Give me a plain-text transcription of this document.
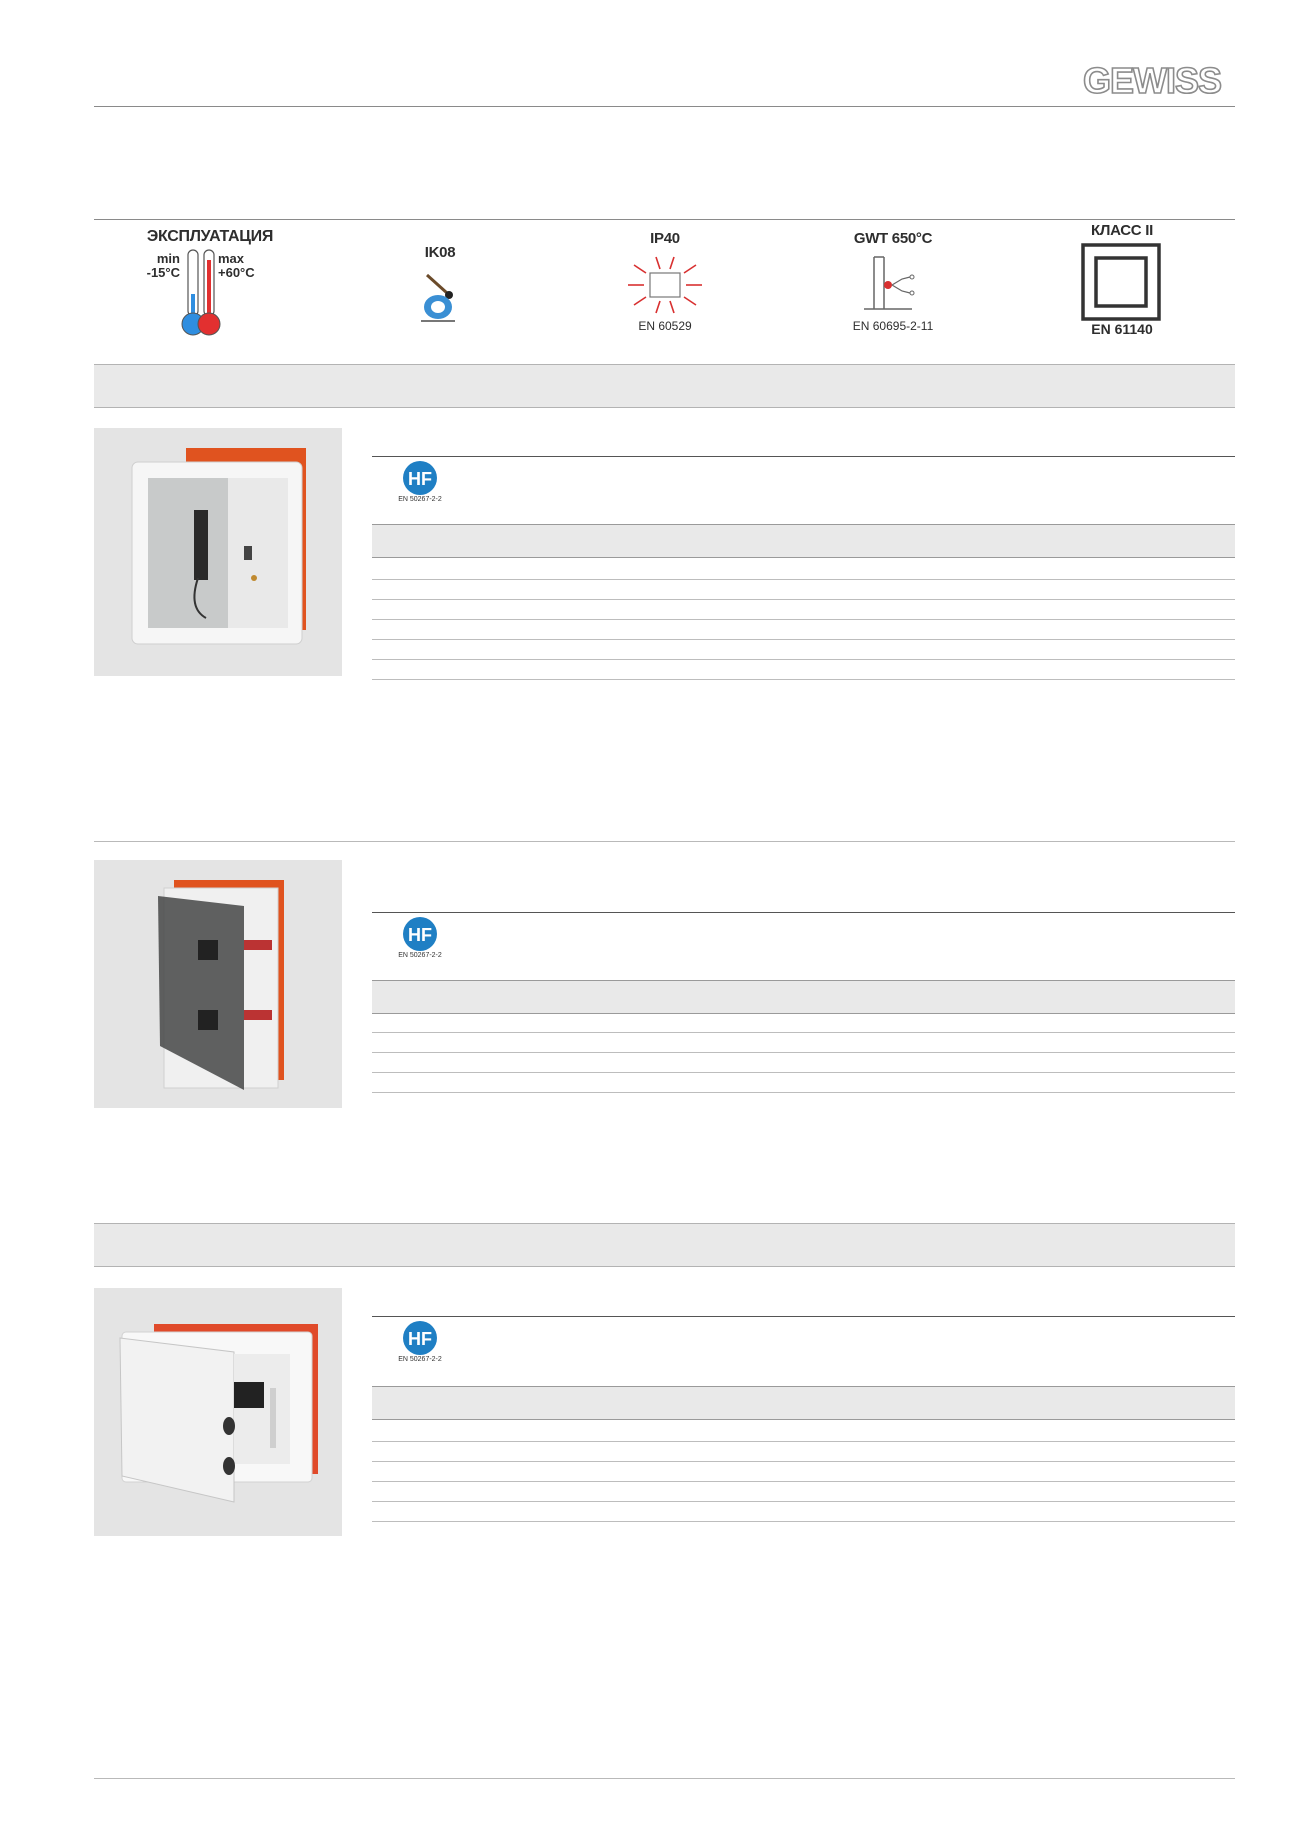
GEWISS
ЭКСПЛУАТАЦИЯ
min
-15°C
max
+60°C
IK08
IP40
EN 60529
GWT 650°C
EN 60695-2-11
КЛАСС II
EN 61140
HF
EN 50267-2-2
HF
EN 50267-2-2
HF
EN 50267-2-2
